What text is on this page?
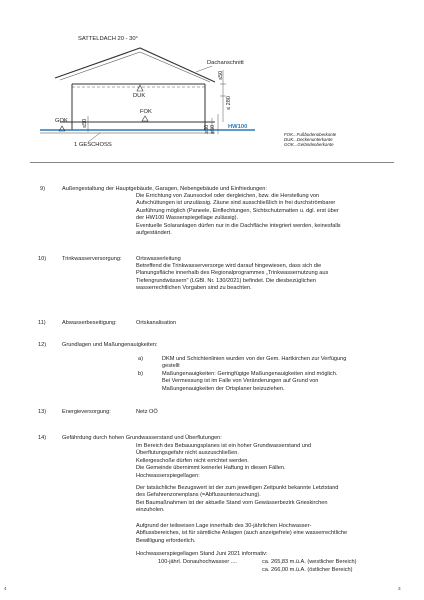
SATTELDACH 20 - 30°
Dachanschnitt
DUK
FOK
GOK
HW100
≤50
≤ 280
≤50
≥50 ≥50
1 GESCHOSS
FOK...Fußbodenoberkante
DUK...Deckenunterkante
GOK...Geländeoberkante
9)	Außengestaltung der Hauptgebäude, Garagen, Nebengebäude und Einfriedungen:
Die Errichtung von Zaunsockel oder dergleichen, bzw. die Herstellung von
Aufschüttungen ist unzulässig. Zäune sind ausschließlich in frei durchströmbarer
Ausführung möglich (Paneele, Einflechtungen, Sichtschutzmatten u. dgl. erst über
der HW100 Wasserspiegellage zulässig).
Eventuelle Solaranlagen dürfen nur in die Dachfläche integriert werden, keinesfalls
aufgeständert.
10)	Trinkwasserversorgung:	Ortswasserleitung
Betreffend die Trinkwasserversorge wird darauf hingewiesen, dass sich die
Planungsfläche innerhalb des Regionalprogrammes „Trinkwassernutzung aus
Tiefengrundwässern" (LGBl. Nr. 130/2021) befindet. Die diesbezüglichen
wasserrechtlichen Vorgaben sind zu beachten.
11)	Abwasserbeseitigung:	Ortskanalisation
12)	Grundlagen und Maßungenauigkeiten:
a)	DKM und Schichtenlinien wurden von der Gem. Hartkirchen zur Verfügung
gestellt
b)	Maßungenauigkeiten: Geringfügige Maßungenauigkeiten sind möglich.
Bei Vermessung ist im Falle von Veränderungen auf Grund von
Maßungenauigkeiten der Ortsplaner beizuziehen.
13)	Energieversorgung:	Netz OÖ
14)	Gefährdung durch hohen Grundwasserstand und Überflutungen:
Im Bereich des Bebauungsplanes ist ein hoher Grundwasserstand und
Überflutungsgefahr nicht auszuschließen.
Kellergeschoße dürfen nicht errichtet werden.
Die Gemeinde übernimmt keinerlei Haftung in diesen Fällen.
Hochwasserspiegellagen:
Der tatsächliche Bezugswert ist der zum jeweiligen Zeitpunkt bekannte Letztstand
des Gefahrenzonenplans (=Abflussuntersuchung).
Bei Baumaßnahmen ist der aktuelle Stand vom Gewässerbezirk Grieskirchen
einzuholen.
Aufgrund der teilweisen Lage innerhalb des 30-jährlichen Hochwasser-
Abflussbereiches, ist für sämtliche Anlagen (auch anzeigefreie) eine wasserrechtliche
Bewilligung erforderlich.
Hochwasserspiegellagen Stand Juni 2021 informativ:
100-jährl. Donauhochwasser ....	ca. 265,83 m.ü.A. (westlicher Bereich)
ca. 266,00 m.ü.A. (östlicher Bereich)
4	3
